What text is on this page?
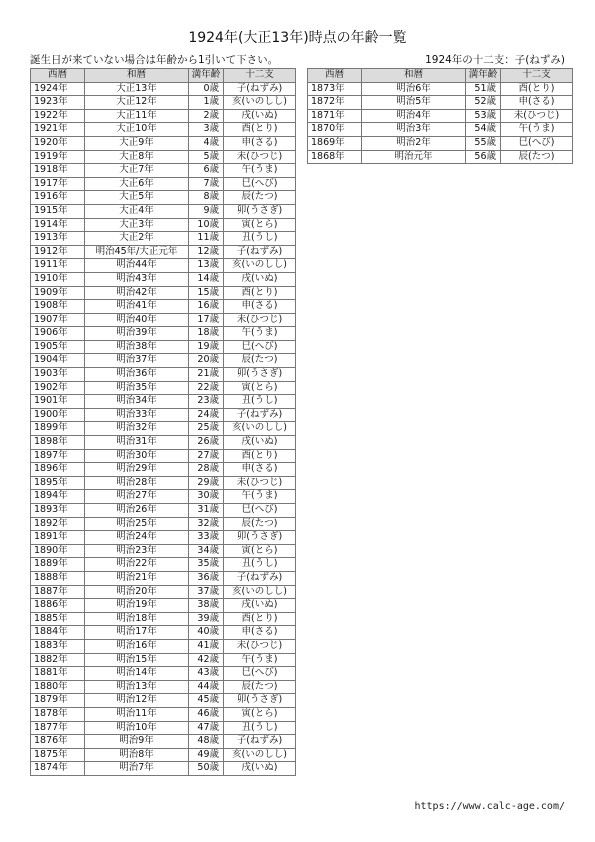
1924年(大正13年)時点の年齢一覧
誕生日が来ていない場合は年齢から1引いて下さい。	1924年の十二支：子(ねずみ)
西暦	和暦	満年齢	十二支
1924年	大正13年	0歳	子(ねずみ)
1923年	大正12年	1歳	亥(いのしし)
1922年	大正11年	2歳	戌(いぬ)
1921年	大正10年	3歳	酉(とり)
1920年	大正9年	4歳	申(さる)
1919年	大正8年	5歳	未(ひつじ)
1918年	大正7年	6歳	午(うま)
1917年	大正6年	7歳	巳(へび)
1916年	大正5年	8歳	辰(たつ)
1915年	大正4年	9歳	卯(うさぎ)
1914年	大正3年	10歳	寅(とら)
1913年	大正2年	11歳	丑(うし)
1912年	明治45年/大正元年	12歳	子(ねずみ)
1911年	明治44年	13歳	亥(いのしし)
1910年	明治43年	14歳	戌(いぬ)
1909年	明治42年	15歳	酉(とり)
1908年	明治41年	16歳	申(さる)
1907年	明治40年	17歳	未(ひつじ)
1906年	明治39年	18歳	午(うま)
1905年	明治38年	19歳	巳(へび)
1904年	明治37年	20歳	辰(たつ)
1903年	明治36年	21歳	卯(うさぎ)
1902年	明治35年	22歳	寅(とら)
1901年	明治34年	23歳	丑(うし)
1900年	明治33年	24歳	子(ねずみ)
1899年	明治32年	25歳	亥(いのしし)
1898年	明治31年	26歳	戌(いぬ)
1897年	明治30年	27歳	酉(とり)
1896年	明治29年	28歳	申(さる)
1895年	明治28年	29歳	未(ひつじ)
1894年	明治27年	30歳	午(うま)
1893年	明治26年	31歳	巳(へび)
1892年	明治25年	32歳	辰(たつ)
1891年	明治24年	33歳	卯(うさぎ)
1890年	明治23年	34歳	寅(とら)
1889年	明治22年	35歳	丑(うし)
1888年	明治21年	36歳	子(ねずみ)
1887年	明治20年	37歳	亥(いのしし)
1886年	明治19年	38歳	戌(いぬ)
1885年	明治18年	39歳	酉(とり)
1884年	明治17年	40歳	申(さる)
1883年	明治16年	41歳	未(ひつじ)
1882年	明治15年	42歳	午(うま)
1881年	明治14年	43歳	巳(へび)
1880年	明治13年	44歳	辰(たつ)
1879年	明治12年	45歳	卯(うさぎ)
1878年	明治11年	46歳	寅(とら)
1877年	明治10年	47歳	丑(うし)
1876年	明治9年	48歳	子(ねずみ)
1875年	明治8年	49歳	亥(いのしし)
1874年	明治7年	50歳	戌(いぬ)
西暦	和暦	満年齢	十二支
1873年	明治6年	51歳	酉(とり)
1872年	明治5年	52歳	申(さる)
1871年	明治4年	53歳	未(ひつじ)
1870年	明治3年	54歳	午(うま)
1869年	明治2年	55歳	巳(へび)
1868年	明治元年	56歳	辰(たつ)
https://www.calc-age.com/
